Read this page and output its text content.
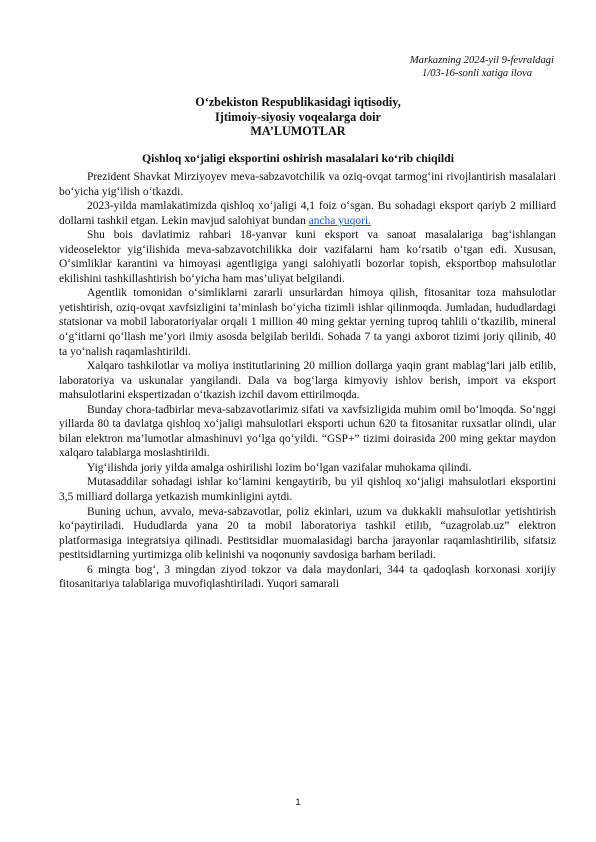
Markazning 2024-yil 9-fevraldagi
1/03-16-sonli xatiga ilova
O‘zbekiston Respublikasidagi iqtisodiy,
Ijtimoiy-siyosiy voqealarga doir
MA’LUMOTLAR
Qishloq xo‘jaligi eksportini oshirish masalalari ko‘rib chiqildi

Prezident Shavkat Mirziyoyev meva-sabzavotchilik va oziq-ovqat tarmog‘ini rivojlantirish masalalari bo‘yicha yig‘ilish o‘tkazdi.

2023-yilda mamlakatimizda qishloq xo‘jaligi 4,1 foiz o‘sgan. Bu sohadagi eksport qariyb 2 milliard dollarni tashkil etgan. Lekin mavjud salohiyat bundan ancha yuqori.

Shu bois davlatimiz rahbari 18-yanvar kuni eksport va sanoat masalalariga bag‘ishlangan videoselektor yig‘ilishida meva-sabzavotchilikka doir vazifalarni ham ko‘rsatib o‘tgan edi. Xususan, O‘simliklar karantini va himoyasi agentligiga yangi salohiyatli bozorlar topish, eksportbop mahsulotlar ekilishini tashkillashtirish bo‘yicha ham mas’uliyat belgilandi.

Agentlik tomonidan o‘simliklarni zararli unsurlardan himoya qilish, fitosanitar toza mahsulotlar yetishtirish, oziq-ovqat xavfsizligini ta’minlash bo‘yicha tizimli ishlar qilinmoqda. Jumladan, hududlardagi statsionar va mobil laboratoriyalar orqali 1 million 40 ming gektar yerning tuproq tahlili o‘tkazilib, mineral o‘g‘itlarni qo‘llash me’yori ilmiy asosda belgilab berildi. Sohada 7 ta yangi axborot tizimi joriy qilinib, 40 ta yo‘nalish raqamlashtirildi.

Xalqaro tashkilotlar va moliya institutlarining 20 million dollarga yaqin grant mablag‘lari jalb etilib, laboratoriya va uskunalar yangilandi. Dala va bog‘larga kimyoviy ishlov berish, import va eksport mahsulotlarini ekspertizadan o‘tkazish izchil davom ettirilmoqda.

Bunday chora-tadbirlar meva-sabzavotlarimiz sifati va xavfsizligida muhim omil bo‘lmoqda. So‘nggi yillarda 80 ta davlatga qishloq xo‘jaligi mahsulotlari eksporti uchun 620 ta fitosanitar ruxsatlar olindi, ular bilan elektron ma’lumotlar almashinuvi yo‘lga qo‘yildi. “GSP+” tizimi doirasida 200 ming gektar maydon xalqaro talablarga moslashtirildi.

Yig‘ilishda joriy yilda amalga oshirilishi lozim bo‘lgan vazifalar muhokama qilindi.

Mutasaddilar sohadagi ishlar ko‘lamini kengaytirib, bu yil qishloq xo‘jaligi mahsulotlari eksportini 3,5 milliard dollarga yetkazish mumkinligini aytdi.

Buning uchun, avvalo, meva-sabzavotlar, poliz ekinlari, uzum va dukkakli mahsulotlar yetishtirish ko‘paytiriladi. Hududlarda yana 20 ta mobil laboratoriya tashkil etilib, “uzagrolab.uz” elektron platformasiga integratsiya qilinadi. Pestitsidlar muomalasidagi barcha jarayonlar raqamlashtirilib, sifatsiz pestitsidlarning yurtimizga olib kelinishi va noqonuniy savdosiga barham beriladi.

6 mingta bog‘, 3 mingdan ziyod tokzor va dala maydonlari, 344 ta qadoqlash korxonasi xorijiy fitosanitariya talablariga muvofiqlashtiriladi. Yuqori samarali

1
